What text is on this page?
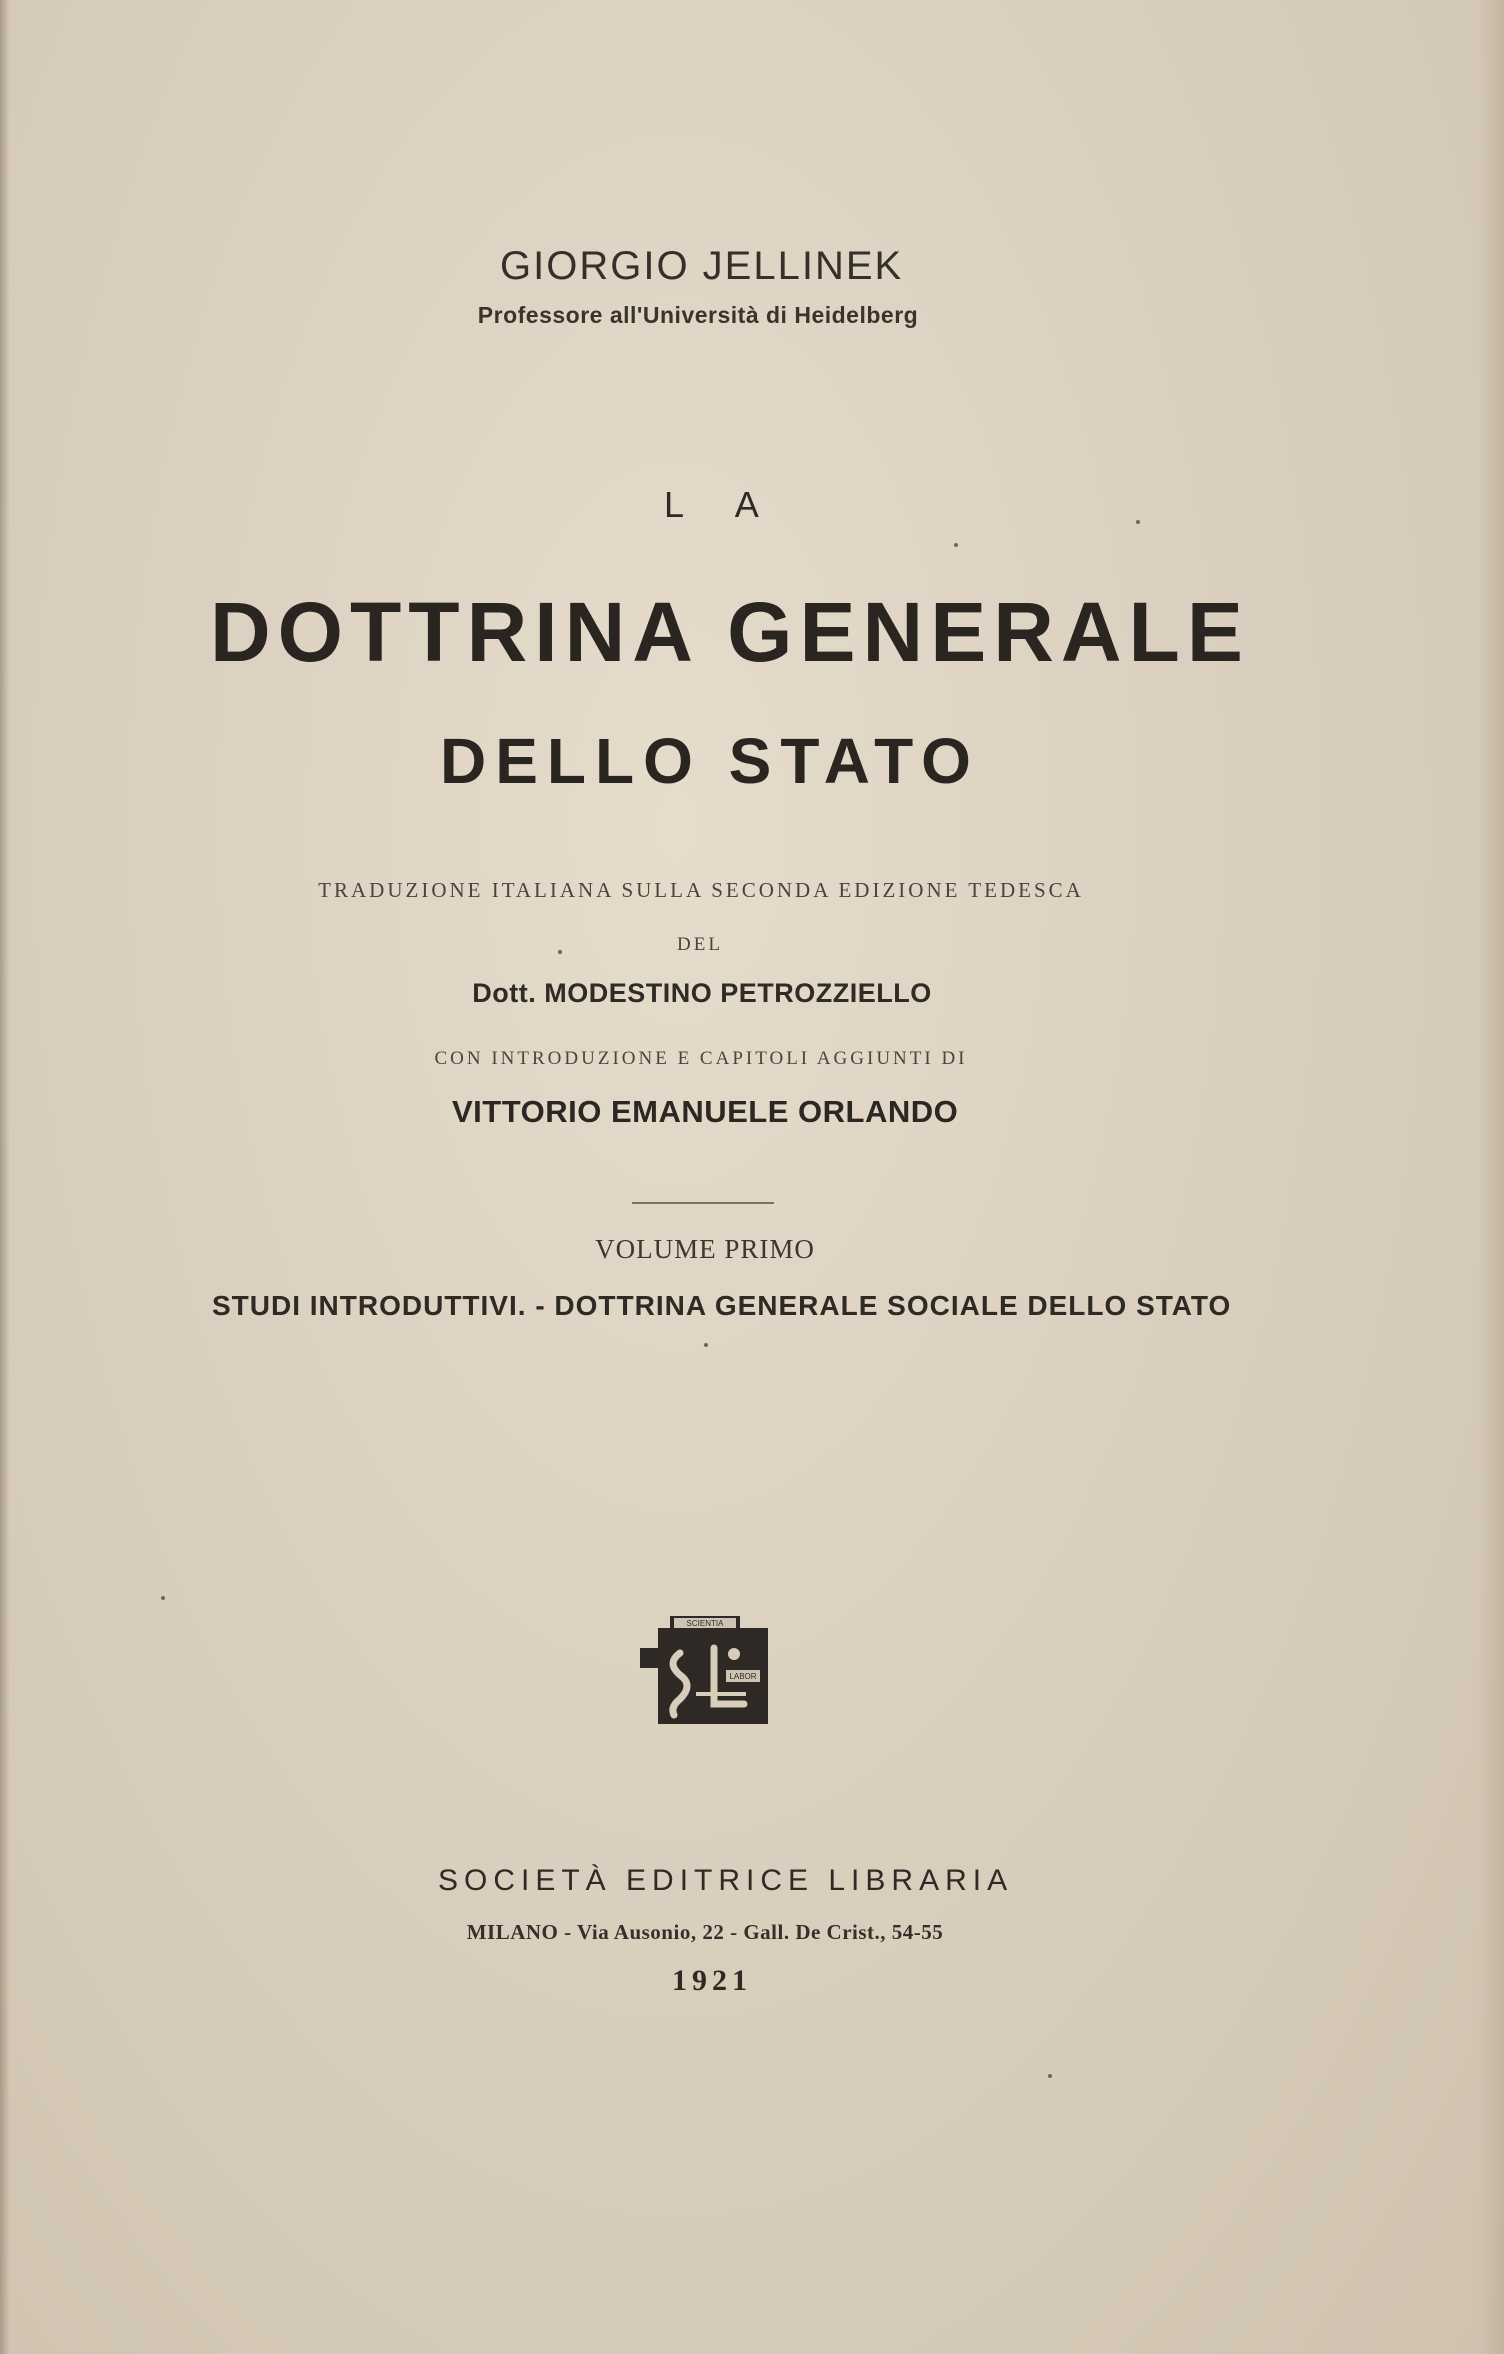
GIORGIO JELLINEK
Professore all'Università di Heidelberg
L A
DOTTRINA GENERALE
DELLO STATO
TRADUZIONE ITALIANA SULLA SECONDA EDIZIONE TEDESCA
DEL
Dott. MODESTINO PETROZZIELLO
CON INTRODUZIONE E CAPITOLI AGGIUNTI DI
VITTORIO EMANUELE ORLANDO
VOLUME PRIMO
STUDI INTRODUTTIVI. - DOTTRINA GENERALE SOCIALE DELLO STATO
SCIENTIA
LABOR
SOCIETÀ EDITRICE LIBRARIA
MILANO - Via Ausonio, 22 - Gall. De Crist., 54-55
1921
